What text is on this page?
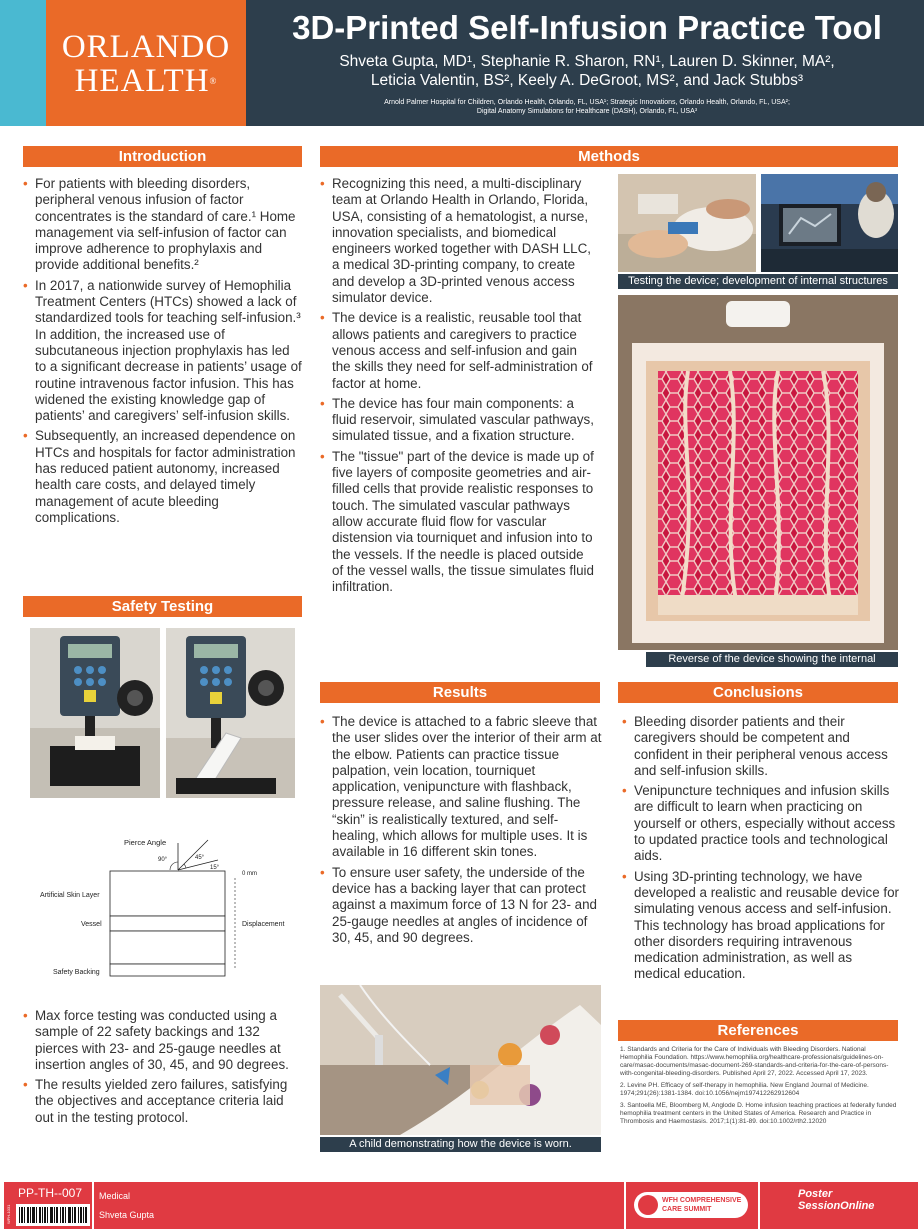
ORLANDO
HEALTH®
3D-Printed Self-Infusion Practice Tool
Shveta Gupta, MD¹, Stephanie R. Sharon, RN¹, Lauren D. Skinner, MA²,
Leticia Valentin, BS², Keely A. DeGroot, MS², and Jack Stubbs³
Arnold Palmer Hospital for Children, Orlando Health, Orlando, FL, USA¹; Strategic Innovations, Orlando Health, Orlando, FL, USA²;
Digital Anatomy Simulations for Healthcare (DASH), Orlando, FL, USA³
Introduction
• For patients with bleeding disorders, peripheral venous infusion of factor concentrates is the standard of care.¹ Home management via self-infusion of factor can improve adherence to prophylaxis and provide additional benefits.²
• In 2017, a nationwide survey of Hemophilia Treatment Centers (HTCs) showed a lack of standardized tools for teaching self-infusion.³ In addition, the increased use of subcutaneous injection prophylaxis has led to a significant decrease in patients’ usage of routine intravenous factor infusion. This has widened the existing knowledge gap of patients’ and caregivers’ self-infusion skills.
• Subsequently, an increased dependence on HTCs and hospitals for factor administration has reduced patient autonomy, increased health care costs, and delayed timely management of acute bleeding complications.
Safety Testing
Pierce Angle
90°	45°
15°
0 mm
Displacement
Artificial Skin Layer
Vessel
Safety Backing
• Max force testing was conducted using a sample of 22 safety backings and 132 pierces with 23- and 25-gauge needles at insertion angles of 30, 45, and 90 degrees.
• The results yielded zero failures, satisfying the objectives and acceptance criteria laid out in the testing protocol.
Methods
• Recognizing this need, a multi-disciplinary team at Orlando Health in Orlando, Florida, USA, consisting of a hematologist, a nurse, innovation specialists, and biomedical engineers worked together with DASH LLC, a medical 3D-printing company, to create and develop a 3D-printed venous access simulator device.
• The device is a realistic, reusable tool that allows patients and caregivers to practice venous access and self-infusion and gain the skills they need for self-administration of factor at home.
• The device has four main components: a fluid reservoir, simulated vascular pathways, simulated tissue, and a fixation structure.
• The "tissue" part of the device is made up of five layers of composite geometries and air-filled cells that provide realistic responses to touch. The simulated vascular pathways allow accurate fluid flow for vascular distension via tourniquet and infusion into to the vessels. If the needle is placed outside of the vessel walls, the tissue simulates fluid infiltration.
Testing the device; development of internal structures
Reverse of the device showing the internal structures
Results
• The device is attached to a fabric sleeve that the user slides over the interior of their arm at the elbow. Patients can practice tissue palpation, vein location, tourniquet application, venipuncture with flashback, pressure release, and saline flushing. The “skin” is realistically textured, and self-healing, which allows for multiple uses. It is available in 16 different skin tones.
• To ensure user safety, the underside of the device has a backing layer that can protect against a maximum force of 13 N for 23- and 25-gauge needles at angles of incidence of 30, 45, and 90 degrees.
A child demonstrating how the device is worn.
Conclusions
• Bleeding disorder patients and their caregivers should be competent and confident in their peripheral venous access and self-infusion skills.
• Venipuncture techniques and infusion skills are difficult to learn when practicing on yourself or others, especially without access to updated practice tools and technological aids.
• Using 3D-printing technology, we have developed a realistic and reusable device for simulating venous access and self-infusion. This technology has broad applications for other disorders requiring intravenous medication administration, as well as medical education.
References

1. Standards and Criteria for the Care of Individuals with Bleeding Disorders. National Hemophilia Foundation. https://www.hemophilia.org/healthcare-professionals/guidelines-on-care/masac-documents/masac-document-269-standards-and-criteria-for-the-care-of-persons-with-congenital-bleeding-disorders. Published April 27, 2022. Accessed April 17, 2023.

2. Levine PH. Efficacy of self-therapy in hemophilia. New England Journal of Medicine. 1974;291(26):1381-1384. doi:10.1056/nejm197412262912604

3. Santoella ME, Bloomberg M, Anglode D. Home infusion teaching practices at federally funded hemophilia treatment centers in the United States of America. Research and Practice in Thrombosis and Haemostasis. 2017;1(1):81-89. doi:10.1002/rth2.12020

WFH-1031
PP-TH--007 Medical
Shveta Gupta
WFH COMPREHENSIVE
CARE SUMMIT
Poster
SessionOnline
